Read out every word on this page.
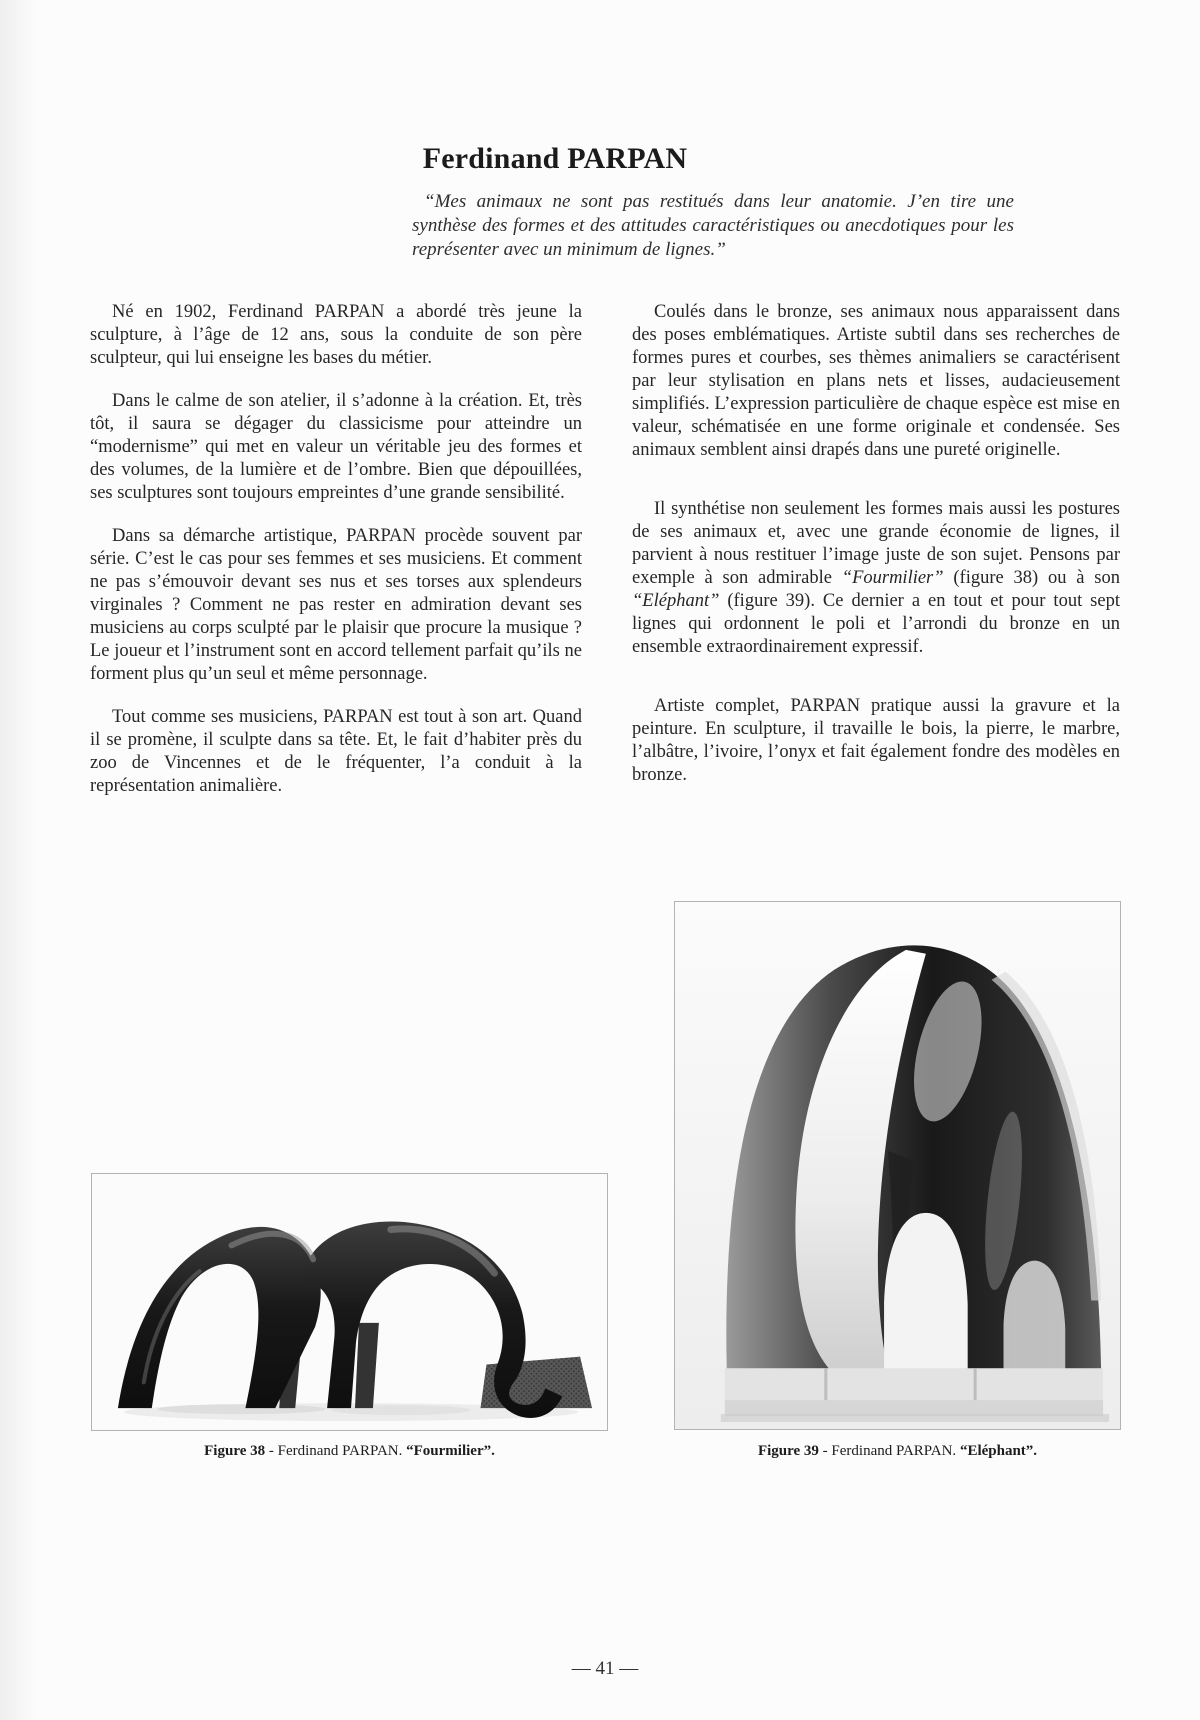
Ferdinand PARPAN

“Mes animaux ne sont pas restitués dans leur anatomie. J’en tire une synthèse des formes et des attitudes caractéristiques ou anecdotiques pour les représenter avec un minimum de lignes.”

Né en 1902, Ferdinand PARPAN a abordé très jeune la sculpture, à l’âge de 12 ans, sous la conduite de son père sculpteur, qui lui enseigne les bases du métier.

Dans le calme de son atelier, il s’adonne à la création. Et, très tôt, il saura se dégager du classicisme pour atteindre un “modernisme” qui met en valeur un véritable jeu des formes et des volumes, de la lumière et de l’ombre. Bien que dépouillées, ses sculptures sont toujours empreintes d’une grande sensibilité.

Dans sa démarche artistique, PARPAN procède souvent par série. C’est le cas pour ses femmes et ses musiciens. Et comment ne pas s’émouvoir devant ses nus et ses torses aux splendeurs virginales ? Comment ne pas rester en admiration devant ses musiciens au corps sculpté par le plaisir que procure la musique ? Le joueur et l’instrument sont en accord tellement parfait qu’ils ne forment plus qu’un seul et même personnage.

Tout comme ses musiciens, PARPAN est tout à son art. Quand il se promène, il sculpte dans sa tête. Et, le fait d’habiter près du zoo de Vincennes et de le fréquenter, l’a conduit à la représentation animalière.

Coulés dans le bronze, ses animaux nous apparaissent dans des poses emblématiques. Artiste subtil dans ses recherches de formes pures et courbes, ses thèmes animaliers se caractérisent par leur stylisation en plans nets et lisses, audacieusement simplifiés. L’expression particulière de chaque espèce est mise en valeur, schématisée en une forme originale et condensée. Ses animaux semblent ainsi drapés dans une pureté originelle.

Il synthétise non seulement les formes mais aussi les postures de ses animaux et, avec une grande économie de lignes, il parvient à nous restituer l’image juste de son sujet. Pensons par exemple à son admirable “Fourmilier” (figure 38) ou à son “Eléphant” (figure 39). Ce dernier a en tout et pour tout sept lignes qui ordonnent le poli et l’arrondi du bronze en un ensemble extraordinairement expressif.

Artiste complet, PARPAN pratique aussi la gravure et la peinture. En sculpture, il travaille le bois, la pierre, le marbre, l’albâtre, l’ivoire, l’onyx et fait également fondre des modèles en bronze.

Figure 38 - Ferdinand PARPAN. “Fourmilier”.	Figure 39 - Ferdinand PARPAN. “Eléphant”.
— 41 —
